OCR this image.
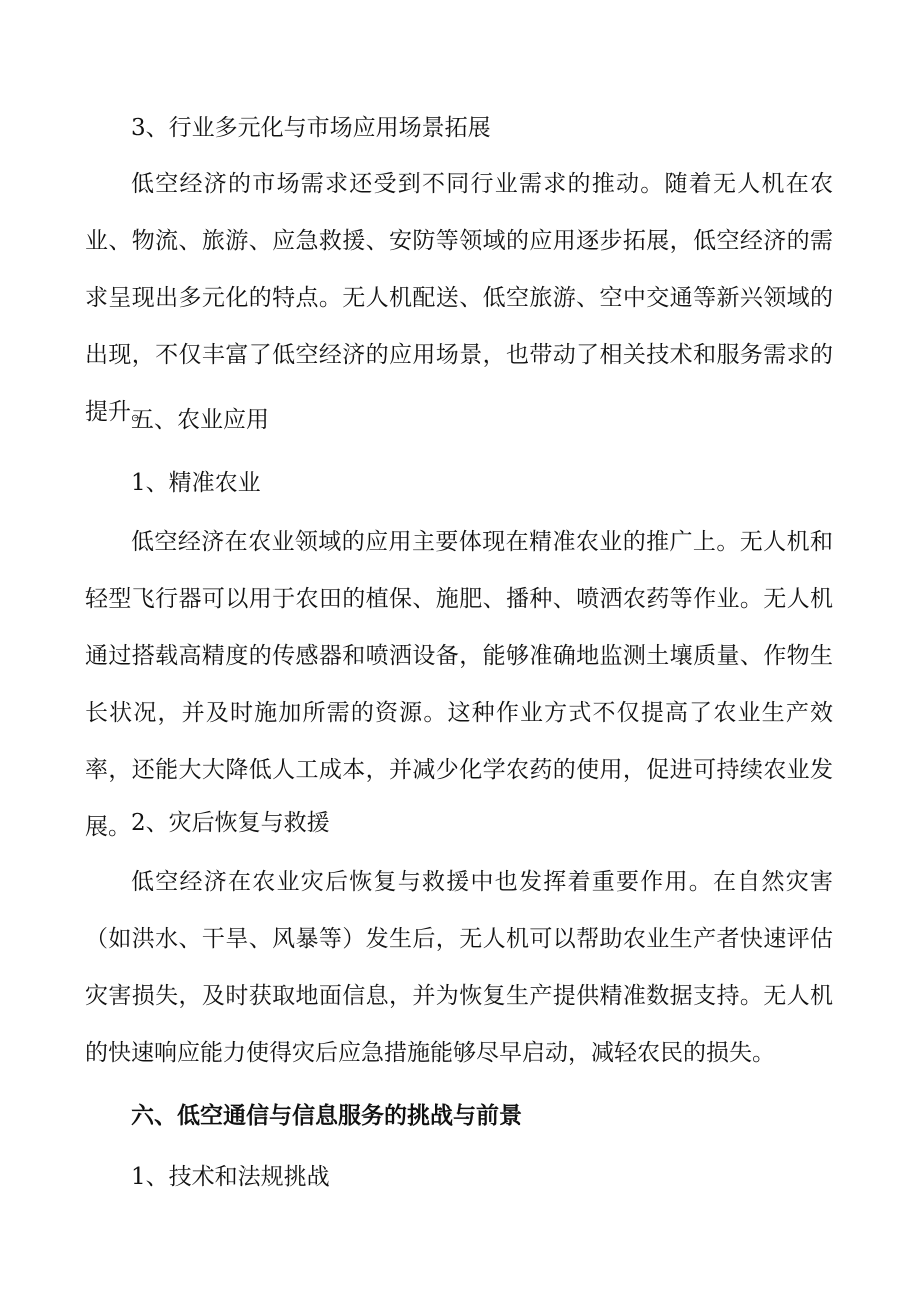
3、行业多元化与市场应用场景拓展

低空经济的市场需求还受到不同行业需求的推动。随着无人机在农业、物流、旅游、应急救援、安防等领域的应用逐步拓展，低空经济的需求呈现出多元化的特点。无人机配送、低空旅游、空中交通等新兴领域的出现，不仅丰富了低空经济的应用场景，也带动了相关技术和服务需求的提升。

五、农业应用

1、精准农业

低空经济在农业领域的应用主要体现在精准农业的推广上。无人机和轻型飞行器可以用于农田的植保、施肥、播种、喷洒农药等作业。无人机通过搭载高精度的传感器和喷洒设备，能够准确地监测土壤质量、作物生长状况，并及时施加所需的资源。这种作业方式不仅提高了农业生产效率，还能大大降低人工成本，并减少化学农药的使用，促进可持续农业发展。 2、灾后恢复与救援

低空经济在农业灾后恢复与救援中也发挥着重要作用。在自然灾害（如洪水、干旱、风暴等）发生后，无人机可以帮助农业生产者快速评估灾害损失，及时获取地面信息，并为恢复生产提供精准数据支持。无人机的快速响应能力使得灾后应急措施能够尽早启动，减轻农民的损失。

六、低空通信与信息服务的挑战与前景

1、技术和法规挑战
